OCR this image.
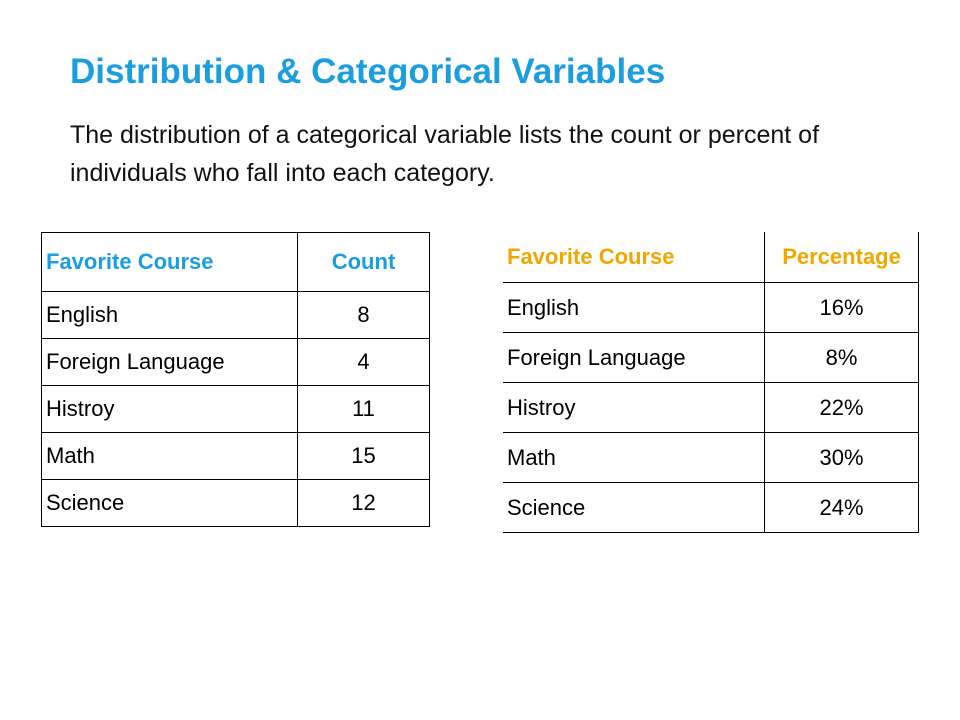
Distribution & Categorical Variables

The distribution of a categorical variable lists the count or percent of individuals who fall into each category.

Favorite Course	Count
English	8
Foreign Language	4
Histroy	11
Math	15
Science	12
Favorite Course	Percentage
English	16%
Foreign Language	8%
Histroy	22%
Math	30%
Science	24%
